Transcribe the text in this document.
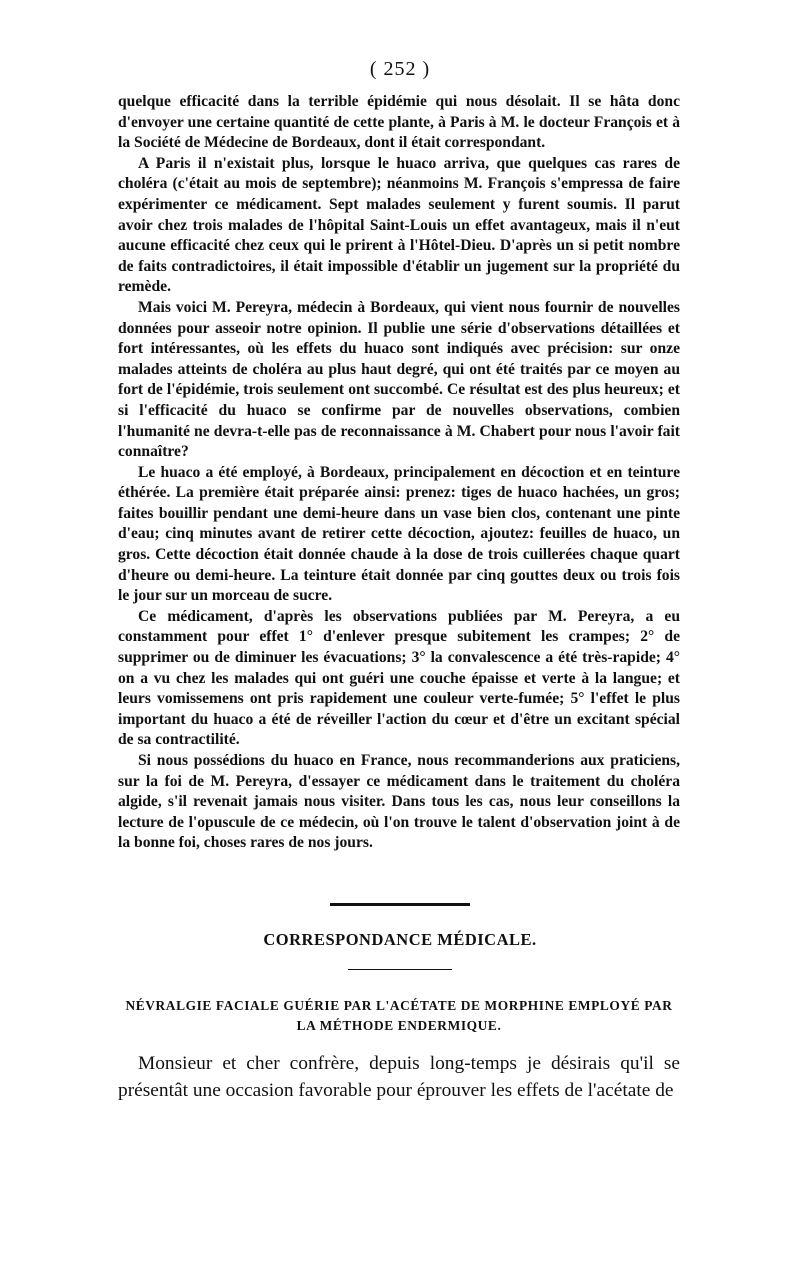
( 252 )

quelque efficacité dans la terrible épidémie qui nous désolait. Il se hâta donc d'envoyer une certaine quantité de cette plante, à Paris à M. le docteur François et à la Société de Médecine de Bordeaux, dont il était correspondant.

A Paris il n'existait plus, lorsque le huaco arriva, que quelques cas rares de choléra (c'était au mois de septembre); néanmoins M. François s'empressa de faire expérimenter ce médicament. Sept malades seulement y furent soumis. Il parut avoir chez trois malades de l'hôpital Saint-Louis un effet avantageux, mais il n'eut aucune efficacité chez ceux qui le prirent à l'Hôtel-Dieu. D'après un si petit nombre de faits contradictoires, il était impossible d'établir un jugement sur la propriété du remède.

Mais voici M. Pereyra, médecin à Bordeaux, qui vient nous fournir de nouvelles données pour asseoir notre opinion. Il publie une série d'observations détaillées et fort intéressantes, où les effets du huaco sont indiqués avec précision: sur onze malades atteints de choléra au plus haut degré, qui ont été traités par ce moyen au fort de l'épidémie, trois seulement ont succombé. Ce résultat est des plus heureux; et si l'efficacité du huaco se confirme par de nouvelles observations, combien l'humanité ne devra-t-elle pas de reconnaissance à M. Chabert pour nous l'avoir fait connaître?

Le huaco a été employé, à Bordeaux, principalement en décoction et en teinture éthérée. La première était préparée ainsi: prenez: tiges de huaco hachées, un gros; faites bouillir pendant une demi-heure dans un vase bien clos, contenant une pinte d'eau; cinq minutes avant de retirer cette décoction, ajoutez: feuilles de huaco, un gros. Cette décoction était donnée chaude à la dose de trois cuillerées chaque quart d'heure ou demi-heure. La teinture était donnée par cinq gouttes deux ou trois fois le jour sur un morceau de sucre.

Ce médicament, d'après les observations publiées par M. Pereyra, a eu constamment pour effet 1° d'enlever presque subitement les crampes; 2° de supprimer ou de diminuer les évacuations; 3° la convalescence a été très-rapide; 4° on a vu chez les malades qui ont guéri une couche épaisse et verte à la langue; et leurs vomissemens ont pris rapidement une couleur verte-fumée; 5° l'effet le plus important du huaco a été de réveiller l'action du cœur et d'être un excitant spécial de sa contractilité.

Si nous possédions du huaco en France, nous recommanderions aux praticiens, sur la foi de M. Pereyra, d'essayer ce médicament dans le traitement du choléra algide, s'il revenait jamais nous visiter. Dans tous les cas, nous leur conseillons la lecture de l'opuscule de ce médecin, où l'on trouve le talent d'observation joint à de la bonne foi, choses rares de nos jours.

CORRESPONDANCE MÉDICALE.
NÉVRALGIE FACIALE GUÉRIE PAR L'ACÉTATE DE MORPHINE EMPLOYÉ PAR LA MÉTHODE ENDERMIQUE.
Monsieur et cher confrère, depuis long-temps je désirais qu'il se présentât une occasion favorable pour éprouver les effets de l'acétate de
